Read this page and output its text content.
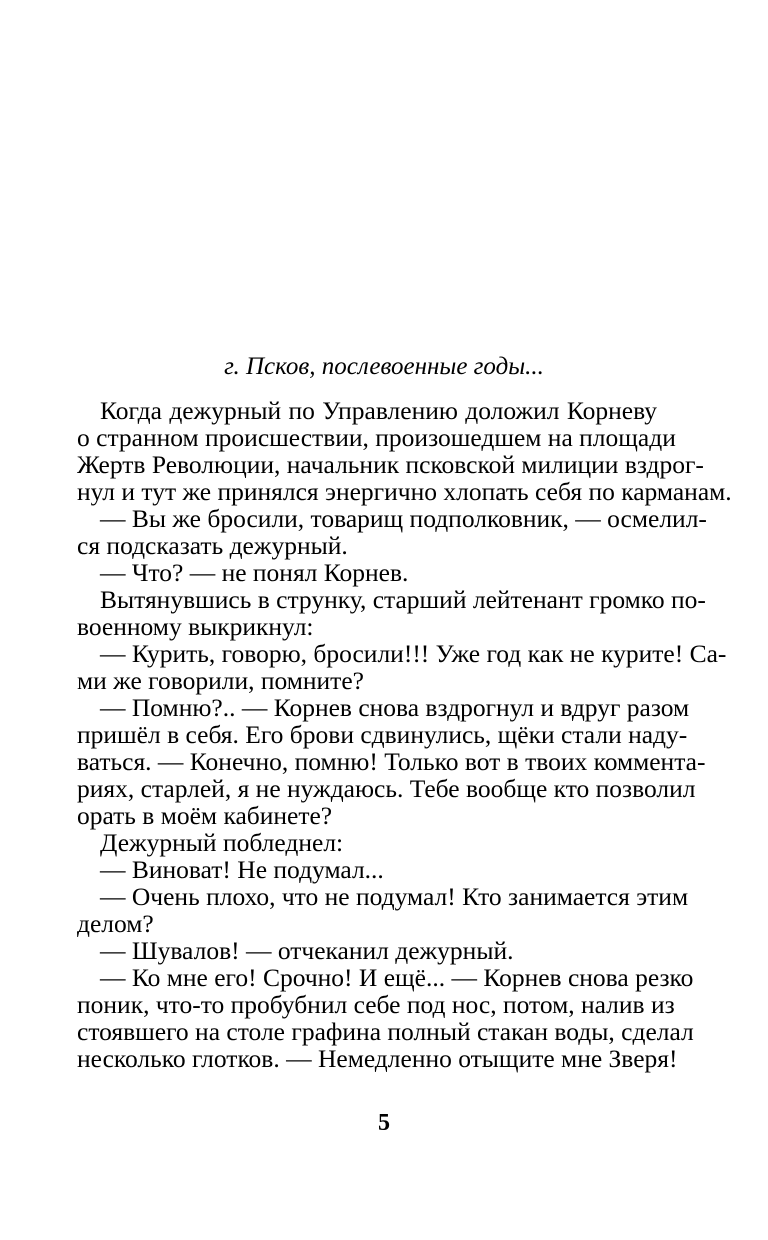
г. Псков, послевоенные годы...
Когда дежурный по Управлению доложил Корневу
о странном происшествии, произошедшем на площади
Жертв Революции, начальник псковской милиции вздрог-
нул и тут же принялся энергично хлопать себя по карманам.
— Вы же бросили, товарищ подполковник, — осмелил-
ся подсказать дежурный.
— Что? — не понял Корнев.
Вытянувшись в струнку, старший лейтенант громко по-
военному выкрикнул:
— Курить, говорю, бросили!!! Уже год как не курите! Са-
ми же говорили, помните?
— Помню?.. — Корнев снова вздрогнул и вдруг разом
пришёл в себя. Его брови сдвинулись, щёки стали наду-
ваться. — Конечно, помню! Только вот в твоих коммента-
риях, старлей, я не нуждаюсь. Тебе вообще кто позволил
орать в моём кабинете?
Дежурный побледнел:
— Виноват! Не подумал...
— Очень плохо, что не подумал! Кто занимается этим
делом?
— Шувалов! — отчеканил дежурный.
— Ко мне его! Срочно! И ещё... — Корнев снова резко
поник, что-то пробубнил себе под нос, потом, налив из
стоявшего на столе графина полный стакан воды, сделал
несколько глотков. — Немедленно отыщите мне Зверя!
5
